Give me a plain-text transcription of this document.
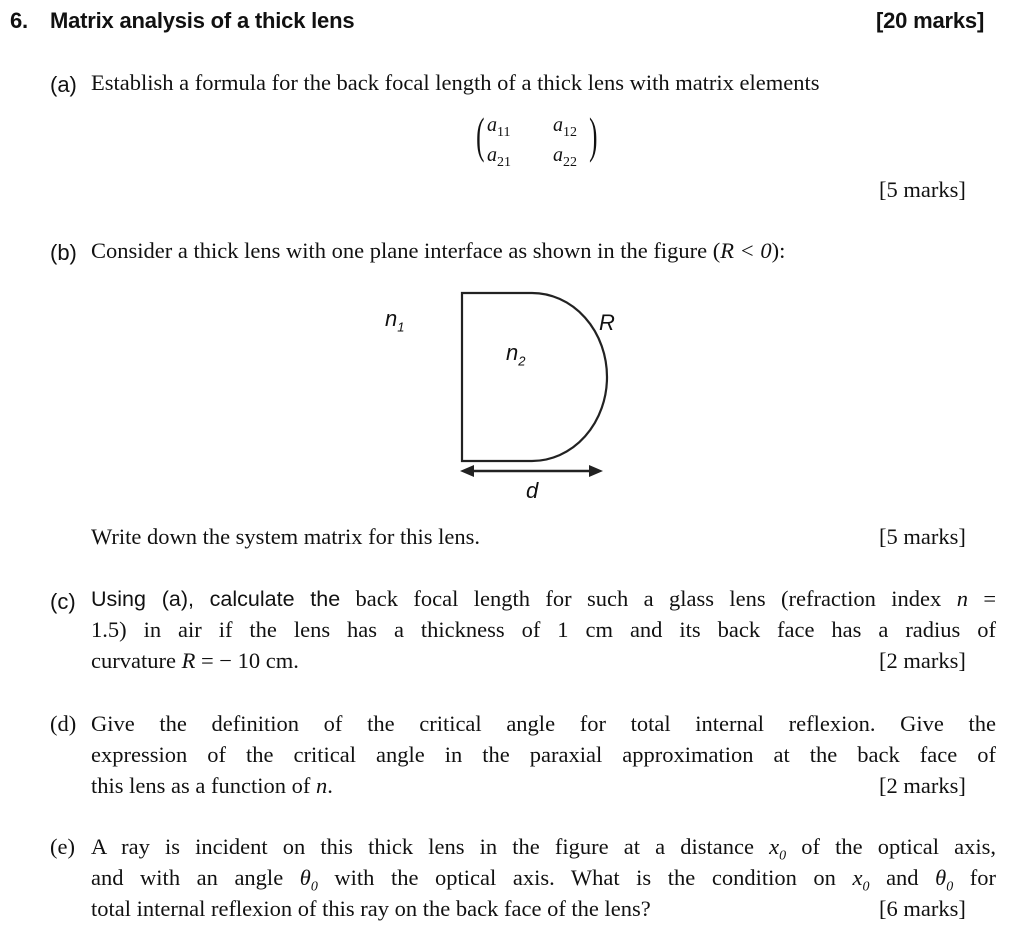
6. Matrix analysis of a thick lens	[20 marks]
(a) Establish a formula for the back focal length of a thick lens with matrix elements
( $a_{11}$ $a_{12}$
$a_{21}$ $a_{22}$ )
[5 marks]
(b) Consider a thick lens with one plane interface as shown in the figure (R < 0):
$n_1$
$n_2$
R
d
Write down the system matrix for this lens.	[5 marks]
(c) Using (a), calculate the back focal length for such a glass lens (refraction index n =
1.5) in air if the lens has a thickness of 1 cm and its back face has a radius of
curvature R = − 10 cm.	[2 marks]
(d) Give the definition of the critical angle for total internal reflexion. Give the
expression of the critical angle in the paraxial approximation at the back face of
this lens as a function of n.	[2 marks]
(e) A ray is incident on this thick lens in the figure at a distance $x_0$ of the optical axis,
and with an angle $\theta_0$ with the optical axis. What is the condition on $x_0$ and $\theta_0$ for
total internal reflexion of this ray on the back face of the lens?	[6 marks]
